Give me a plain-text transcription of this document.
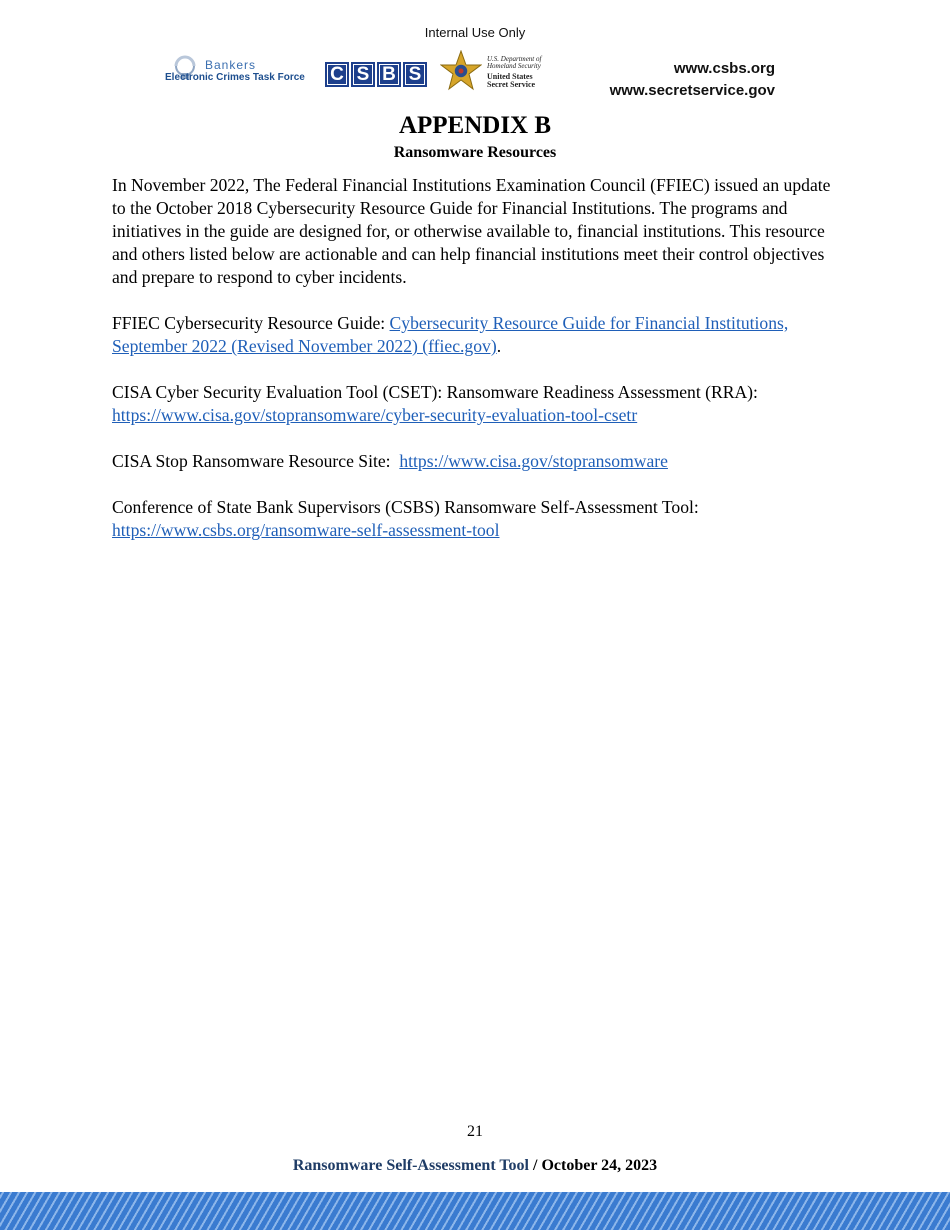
Internal Use Only
Bankers
Electronic Crimes Task Force C S B S
U.S. Department of Homeland Security
United States
Secret Service
www.csbs.org
www.secretservice.gov
APPENDIX B
Ransomware Resources

In November 2022, The Federal Financial Institutions Examination Council (FFIEC) issued an update to the October 2018 Cybersecurity Resource Guide for Financial Institutions. The programs and initiatives in the guide are designed for, or otherwise available to, financial institutions. This resource and others listed below are actionable and can help financial institutions meet their control objectives and prepare to respond to cyber incidents.

FFIEC Cybersecurity Resource Guide: Cybersecurity Resource Guide for Financial Institutions, September 2022 (Revised November 2022) (ffiec.gov).

CISA Cyber Security Evaluation Tool (CSET): Ransomware Readiness Assessment (RRA):
https://www.cisa.gov/stopransomware/cyber-security-evaluation-tool-csetr

CISA Stop Ransomware Resource Site:  https://www.cisa.gov/stopransomware

Conference of State Bank Supervisors (CSBS) Ransomware Self-Assessment Tool:
https://www.csbs.org/ransomware-self-assessment-tool

21
Ransomware Self-Assessment Tool / October 24, 2023
